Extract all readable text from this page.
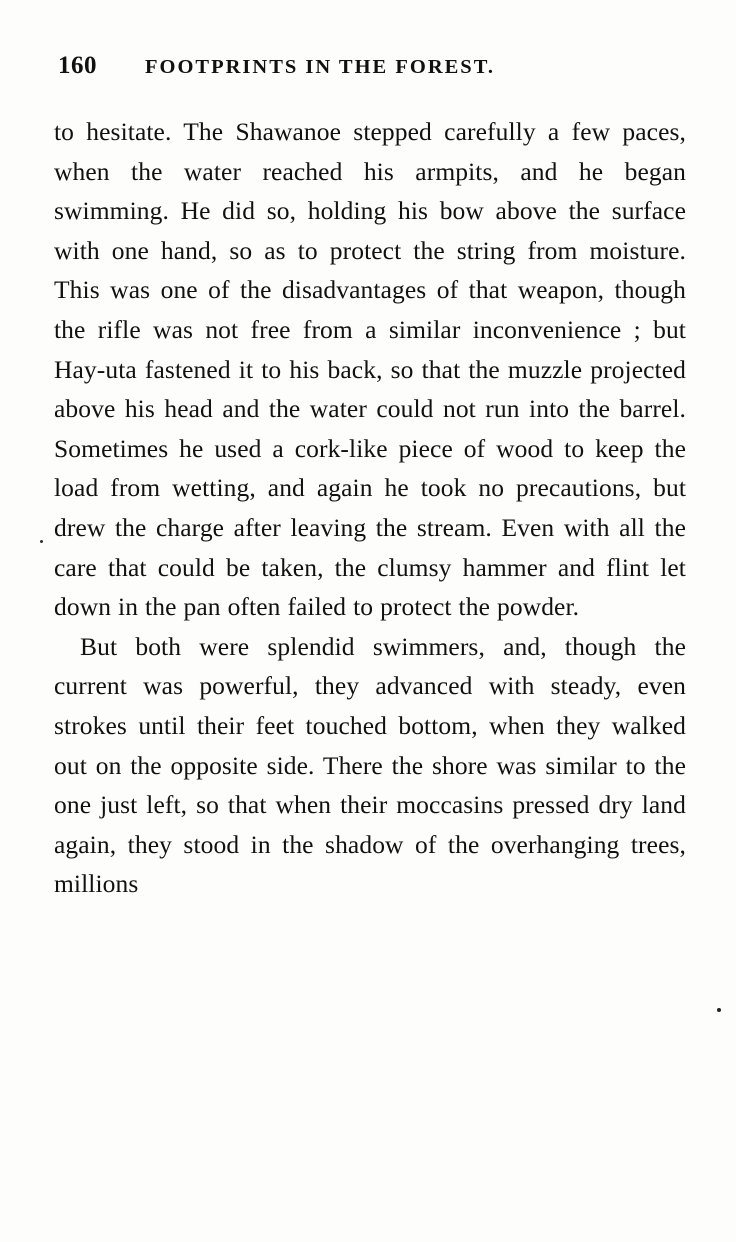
160 FOOTPRINTS IN THE FOREST.

to hesitate. The Shawanoe stepped carefully a few paces, when the water reached his armpits, and he began swimming. He did so, holding his bow above the surface with one hand, so as to protect the string from moisture. This was one of the disadvantages of that weapon, though the rifle was not free from a similar inconvenience ; but Hay-uta fastened it to his back, so that the muzzle projected above his head and the water could not run into the barrel. Sometimes he used a cork-like piece of wood to keep the load from wetting, and again he took no precautions, but drew the charge after leaving the stream. Even with all the care that could be taken, the clumsy hammer and flint let down in the pan often failed to protect the powder.

But both were splendid swimmers, and, though the current was powerful, they advanced with steady, even strokes until their feet touched bottom, when they walked out on the opposite side. There the shore was similar to the one just left, so that when their moccasins pressed dry land again, they stood in the shadow of the overhanging trees, millions
